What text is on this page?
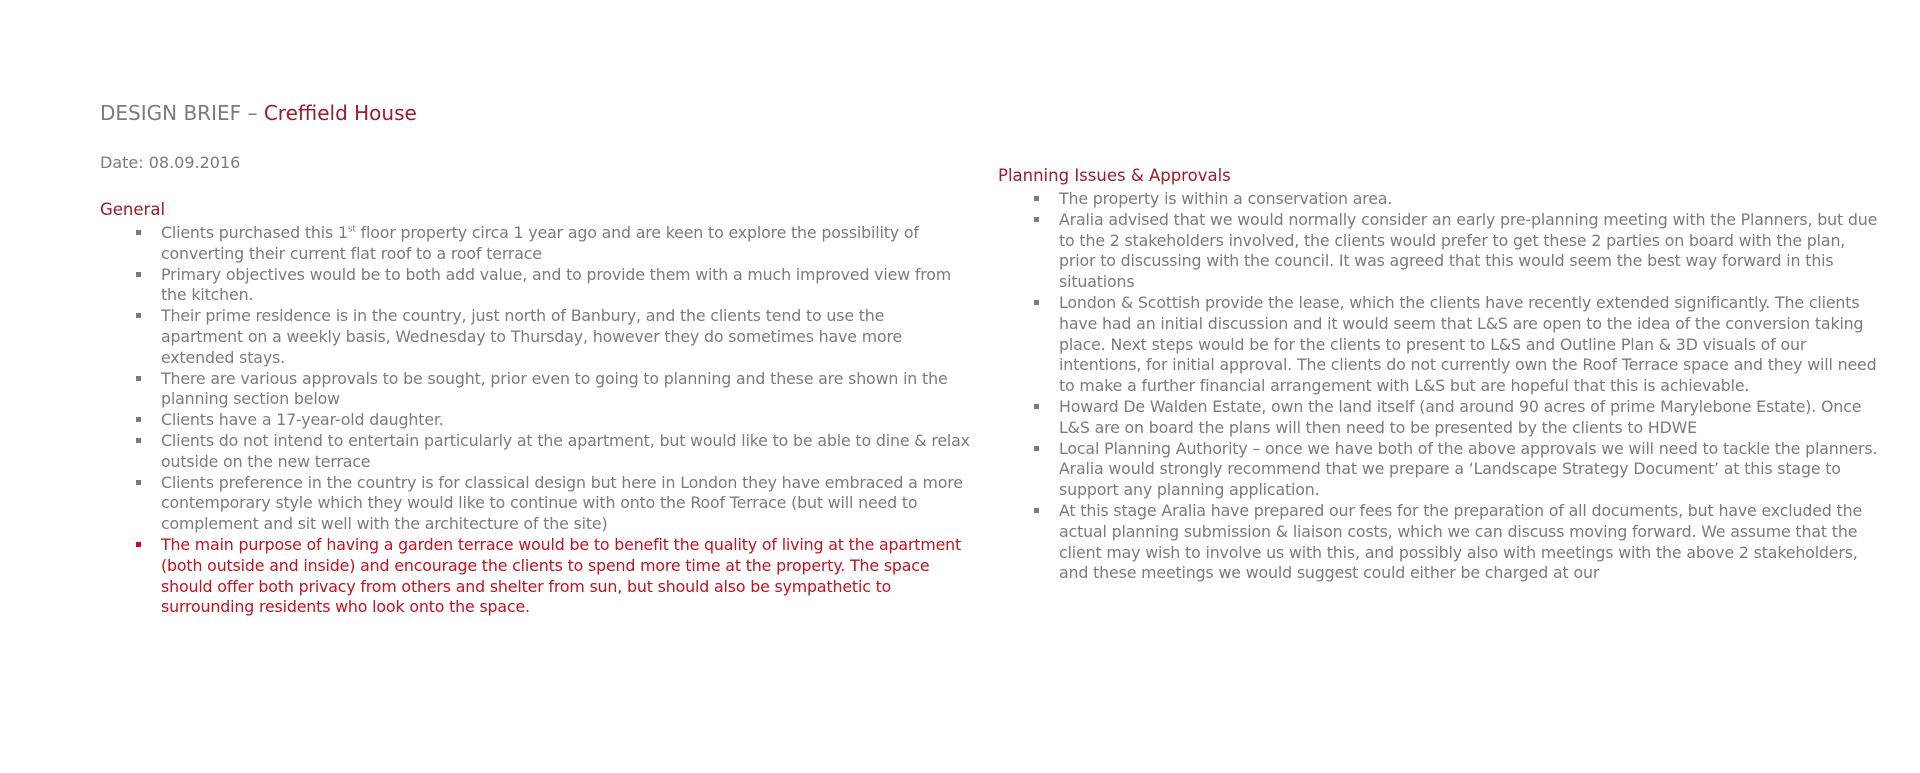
DESIGN BRIEF – Creffield House

Date: 08.09.2016

General
Clients purchased this 1st floor property circa 1 year ago and are keen to explore the possibility of converting their current flat roof to a roof terrace
Primary objectives would be to both add value, and to provide them with a much improved view from the kitchen.
Their prime residence is in the country, just north of Banbury, and the clients tend to use the apartment on a weekly basis, Wednesday to Thursday, however they do sometimes have more extended stays.
There are various approvals to be sought, prior even to going to planning and these are shown in the planning section below
Clients have a 17-year-old daughter.
Clients do not intend to entertain particularly at the apartment, but would like to be able to dine & relax outside on the new terrace
Clients preference in the country is for classical design but here in London they have embraced a more contemporary style which they would like to continue with onto the Roof Terrace (but will need to complement and sit well with the architecture of the site)
The main purpose of having a garden terrace would be to benefit the quality of living at the apartment (both outside and inside) and encourage the clients to spend more time at the property. The space should offer both privacy from others and shelter from sun, but should also be sympathetic to surrounding residents who look onto the space.
Planning Issues & Approvals
The property is within a conservation area.
Aralia advised that we would normally consider an early pre-planning meeting with the Planners, but due to the 2 stakeholders involved, the clients would prefer to get these 2 parties on board with the plan, prior to discussing with the council. It was agreed that this would seem the best way forward in this situations
London & Scottish provide the lease, which the clients have recently extended significantly. The clients have had an initial discussion and it would seem that L&S are open to the idea of the conversion taking place. Next steps would be for the clients to present to L&S and Outline Plan & 3D visuals of our intentions, for initial approval. The clients do not currently own the Roof Terrace space and they will need to make a further financial arrangement with L&S but are hopeful that this is achievable.
Howard De Walden Estate, own the land itself (and around 90 acres of prime Marylebone Estate). Once L&S are on board the plans will then need to be presented by the clients to HDWE
Local Planning Authority – once we have both of the above approvals we will need to tackle the planners. Aralia would strongly recommend that we prepare a ‘Landscape Strategy Document’ at this stage to support any planning application.
At this stage Aralia have prepared our fees for the preparation of all documents, but have excluded the actual planning submission & liaison costs, which we can discuss moving forward. We assume that the client may wish to involve us with this, and possibly also with meetings with the above 2 stakeholders, and these meetings we would suggest could either be charged at our
